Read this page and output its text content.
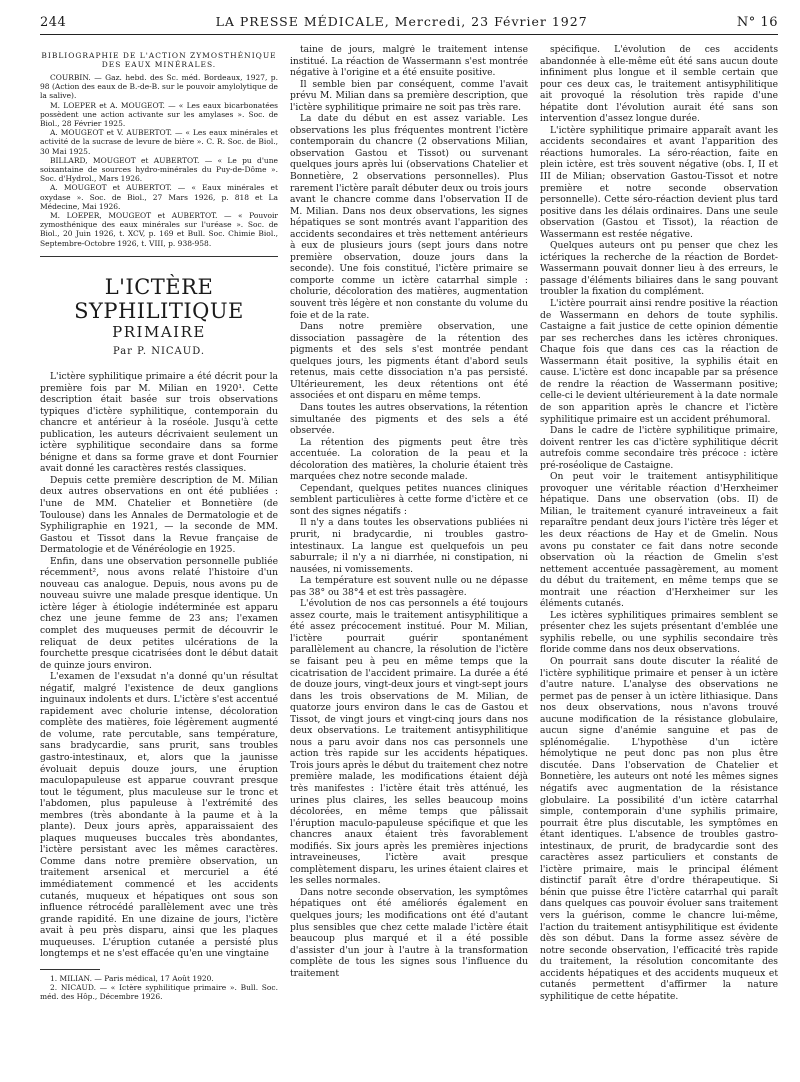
244	LA PRESSE MÉDICALE, Mercredi, 23 Février 1927	N° 16
BIBLIOGRAPHIE DE L'ACTION ZYMOSTHÉNIQUE DES EAUX MINÉRALES.

COURBIN. — Gaz. hebd. des Sc. méd. Bordeaux, 1927, p. 98 (Action des eaux de B.-de-B. sur le pouvoir amylolytique de la salive).

M. LOEPER et A. MOUGEOT. — « Les eaux bicarbonatées possèdent une action activante sur les amylases ». Soc. de Biol., 28 Février 1925.

A. MOUGEOT et V. AUBERTOT. — « Les eaux minérales et activité de la sucrase de levure de bière ». C. R. Soc. de Biol., 30 Mai 1925.

BILLARD, MOUGEOT et AUBERTOT. — « Le pu d'une soixantaine de sources hydro-minérales du Puy-de-Dôme ». Soc. d'Hydrol., Mars 1926.

A. MOUGEOT et AUBERTOT. — « Eaux minérales et oxydase ». Soc. de Biol., 27 Mars 1926, p. 818 et La Médecine, Mai 1926.

M. LOEPER, MOUGEOT et AUBERTOT. — « Pouvoir zymosthénique des eaux minérales sur l'uréase ». Soc. de Biol., 20 Juin 1926, t. XCV, p. 169 et Bull. Soc. Chimie Biol., Septembre-Octobre 1926, t. VIII, p. 938-958.

L'ICTÈRE SYPHILITIQUE
PRIMAIRE
Par P. NICAUD.

L'ictère syphilitique primaire a été décrit pour la première fois par M. Milian en 1920¹. Cette description était basée sur trois observations typiques d'ictère syphilitique, contemporain du chancre et antérieur à la roséole. Jusqu'à cette publication, les auteurs décrivaient seulement un ictère syphilitique secondaire dans sa forme bénigne et dans sa forme grave et dont Fournier avait donné les caractères restés classiques.

Depuis cette première description de M. Milian deux autres observations en ont été publiées : l'une de MM. Chatelier et Bonnetière (de Toulouse) dans les Annales de Dermatologie et de Syphiligraphie en 1921, — la seconde de MM. Gastou et Tissot dans la Revue française de Dermatologie et de Vénéréologie en 1925.

Enfin, dans une observation personnelle publiée récemment², nous avons relaté l'histoire d'un nouveau cas analogue. Depuis, nous avons pu de nouveau suivre une malade presque identique. Un ictère léger à étiologie indéterminée est apparu chez une jeune femme de 23 ans; l'examen complet des muqueuses permit de découvrir le reliquat de deux petites ulcérations de la fourchette presque cicatrisées dont le début datait de quinze jours environ.

L'examen de l'exsudat n'a donné qu'un résultat négatif, malgré l'existence de deux ganglions inguinaux indolents et durs. L'ictère s'est accentué rapidement avec cholurie intense, décoloration complète des matières, foie légèrement augmenté de volume, rate percutable, sans température, sans bradycardie, sans prurit, sans troubles gastro-intestinaux, et, alors que la jaunisse évoluait depuis douze jours, une éruption maculopapuleuse est apparue couvrant presque tout le tégument, plus maculeuse sur le tronc et l'abdomen, plus papuleuse à l'extrémité des membres (très abondante à la paume et à la plante). Deux jours après, apparaissaient des plaques muqueuses buccales très abondantes, l'ictère persistant avec les mêmes caractères. Comme dans notre première observation, un traitement arsenical et mercuriel a été immédiatement commencé et les accidents cutanés, muqueux et hépatiques ont sous son influence rétrocédé parallèlement avec une très grande rapidité. En une dizaine de jours, l'ictère avait à peu près disparu, ainsi que les plaques muqueuses. L'éruption cutanée a persisté plus longtemps et ne s'est effacée qu'en une vingtaine

1. MILIAN. — Paris médical, 17 Août 1920.

2. NICAUD. — « Ictère syphilitique primaire ». Bull. Soc. méd. des Hôp., Décembre 1926.

taine de jours, malgré le traitement intense institué. La réaction de Wassermann s'est montrée négative à l'origine et a été ensuite positive.

Il semble bien par conséquent, comme l'avait prévu M. Milian dans sa première description, que l'ictère syphilitique primaire ne soit pas très rare.

La date du début en est assez variable. Les observations les plus fréquentes montrent l'ictère contemporain du chancre (2 observations Milian, observation Gastou et Tissot) ou survenant quelques jours après lui (observations Chatelier et Bonnetière, 2 observations personnelles). Plus rarement l'ictère paraît débuter deux ou trois jours avant le chancre comme dans l'observation II de M. Milian. Dans nos deux observations, les signes hépatiques se sont montrés avant l'apparition des accidents secondaires et très nettement antérieurs à eux de plusieurs jours (sept jours dans notre première observation, douze jours dans la seconde). Une fois constitué, l'ictère primaire se comporte comme un ictère catarrhal simple : cholurie, décoloration des matières, augmentation souvent très légère et non constante du volume du foie et de la rate.

Dans notre première observation, une dissociation passagère de la rétention des pigments et des sels s'est montrée pendant quelques jours, les pigments étant d'abord seuls retenus, mais cette dissociation n'a pas persisté. Ultérieurement, les deux rétentions ont été associées et ont disparu en même temps.

Dans toutes les autres observations, la rétention simultanée des pigments et des sels a été observée.

La rétention des pigments peut être très accentuée. La coloration de la peau et la décoloration des matières, la cholurie étaient très marquées chez notre seconde malade.

Cependant, quelques petites nuances cliniques semblent particulières à cette forme d'ictère et ce sont des signes négatifs :

Il n'y a dans toutes les observations publiées ni prurit, ni bradycardie, ni troubles gastro-intestinaux. La langue est quelquefois un peu saburrale; il n'y a ni diarrhée, ni constipation, ni nausées, ni vomissements.

La température est souvent nulle ou ne dépasse pas 38° ou 38°4 et est très passagère.

L'évolution de nos cas personnels a été toujours assez courte, mais le traitement antisyphilitique a été assez précocement institué. Pour M. Milian, l'ictère pourrait guérir spontanément parallèlement au chancre, la résolution de l'ictère se faisant peu à peu en même temps que la cicatrisation de l'accident primaire. La durée a été de douze jours, vingt-deux jours et vingt-sept jours dans les trois observations de M. Milian, de quatorze jours environ dans le cas de Gastou et Tissot, de vingt jours et vingt-cinq jours dans nos deux observations. Le traitement antisyphilitique nous a paru avoir dans nos cas personnels une action très rapide sur les accidents hépatiques. Trois jours après le début du traitement chez notre première malade, les modifications étaient déjà très manifestes : l'ictère était très atténué, les urines plus claires, les selles beaucoup moins décolorées, en même temps que pâlissait l'éruption maculo-papuleuse spécifique et que les chancres anaux étaient très favorablement modifiés. Six jours après les premières injections intraveineuses, l'ictère avait presque complètement disparu, les urines étaient claires et les selles normales.

Dans notre seconde observation, les symptômes hépatiques ont été améliorés également en quelques jours; les modifications ont été d'autant plus sensibles que chez cette malade l'ictère était beaucoup plus marqué et il a été possible d'assister d'un jour à l'autre à la transformation complète de tous les signes sous l'influence du traitement

spécifique. L'évolution de ces accidents abandonnée à elle-même eût été sans aucun doute infiniment plus longue et il semble certain que pour ces deux cas, le traitement antisyphilitique ait provoqué la résolution très rapide d'une hépatite dont l'évolution aurait été sans son intervention d'assez longue durée.

L'ictère syphilitique primaire apparaît avant les accidents secondaires et avant l'apparition des réactions humorales. La séro-réaction, faite en plein ictère, est très souvent négative (obs. I, II et III de Milian; observation Gastou-Tissot et notre première et notre seconde observation personnelle). Cette séro-réaction devient plus tard positive dans les délais ordinaires. Dans une seule observation (Gastou et Tissot), la réaction de Wassermann est restée négative.

Quelques auteurs ont pu penser que chez les ictériques la recherche de la réaction de Bordet-Wassermann pouvait donner lieu à des erreurs, le passage d'éléments biliaires dans le sang pouvant troubler la fixation du complément.

L'ictère pourrait ainsi rendre positive la réaction de Wassermann en dehors de toute syphilis. Castaigne a fait justice de cette opinion démentie par ses recherches dans les ictères chroniques. Chaque fois que dans ces cas la réaction de Wassermann était positive, la syphilis était en cause. L'ictère est donc incapable par sa présence de rendre la réaction de Wassermann positive; celle-ci le devient ultérieurement à la date normale de son apparition après le chancre et l'ictère syphilitique primaire est un accident préhumoral.

Dans le cadre de l'ictère syphilitique primaire, doivent rentrer les cas d'ictère syphilitique décrit autrefois comme secondaire très précoce : ictère pré-roséolique de Castaigne.

On peut voir le traitement antisyphilitique provoquer une véritable réaction d'Herxheimer hépatique. Dans une observation (obs. II) de Milian, le traitement cyanuré intraveineux a fait reparaître pendant deux jours l'ictère très léger et les deux réactions de Hay et de Gmelin. Nous avons pu constater ce fait dans notre seconde observation où la réaction de Gmelin s'est nettement accentuée passagèrement, au moment du début du traitement, en même temps que se montrait une réaction d'Herxheimer sur les éléments cutanés.

Les ictères syphilitiques primaires semblent se présenter chez les sujets présentant d'emblée une syphilis rebelle, ou une syphilis secondaire très floride comme dans nos deux observations.

On pourrait sans doute discuter la réalité de l'ictère syphilitique primaire et penser à un ictère d'autre nature. L'analyse des observations ne permet pas de penser à un ictère lithiasique. Dans nos deux observations, nous n'avons trouvé aucune modification de la résistance globulaire, aucun signe d'anémie sanguine et pas de splénomégalie. L'hypothèse d'un ictère hémolytique ne peut donc pas non plus être discutée. Dans l'observation de Chatelier et Bonnetière, les auteurs ont noté les mêmes signes négatifs avec augmentation de la résistance globulaire. La possibilité d'un ictère catarrhal simple, contemporain d'une syphilis primaire, pourrait être plus discutable, les symptômes en étant identiques. L'absence de troubles gastro-intestinaux, de prurit, de bradycardie sont des caractères assez particuliers et constants de l'ictère primaire, mais le principal élément distinctif paraît être d'ordre thérapeutique. Si bénin que puisse être l'ictère catarrhal qui paraît dans quelques cas pouvoir évoluer sans traitement vers la guérison, comme le chancre lui-même, l'action du traitement antisyphilitique est évidente dès son début. Dans la forme assez sévère de notre seconde observation, l'efficacité très rapide du traitement, la résolution concomitante des accidents hépatiques et des accidents muqueux et cutanés permettent d'affirmer la nature syphilitique de cette hépatite.
